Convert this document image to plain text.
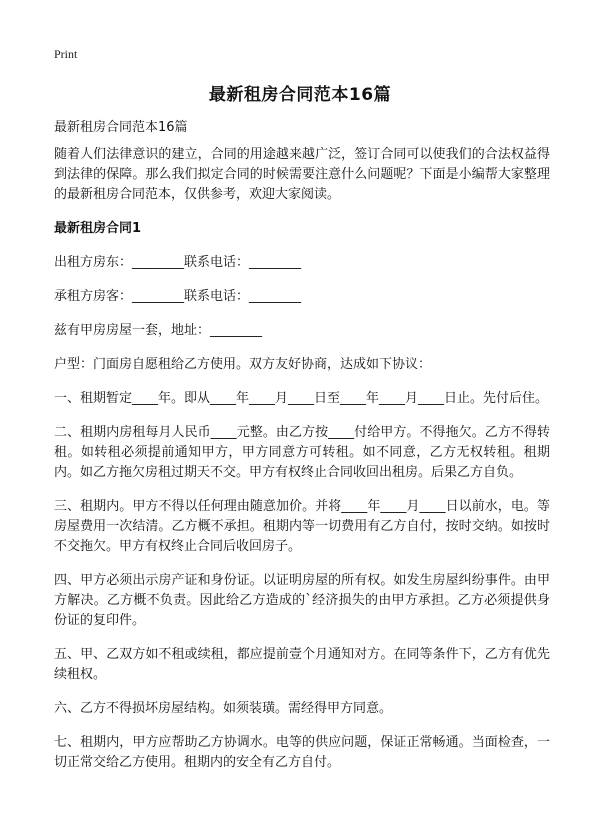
Print
最新租房合同范本16篇

最新租房合同范本16篇

随着人们法律意识的建立，合同的用途越来越广泛，签订合同可以使我们的合法权益得到法律的保障。那么我们拟定合同的时候需要注意什么问题呢？下面是小编帮大家整理的最新租房合同范本，仅供参考，欢迎大家阅读。

最新租房合同1

出租方房东：________联系电话：________

承租方房客：________联系电话：________

兹有甲房房屋一套，地址：________

户型：门面房自愿租给乙方使用。双方友好协商，达成如下协议：

一、租期暂定____年。即从____年____月____日至____年____月____日止。先付后住。

二、租期内房租每月人民币____元整。由乙方按____付给甲方。不得拖欠。乙方不得转租。如转租必须提前通知甲方，甲方同意方可转租。如不同意，乙方无权转租。租期内。如乙方拖欠房租过期天不交。甲方有权终止合同收回出租房。后果乙方自负。

三、租期内。甲方不得以任何理由随意加价。并将____年____月____日以前水，电。等房屋费用一次结清。乙方概不承担。租期内等一切费用有乙方自付，按时交纳。如按时不交拖欠。甲方有权终止合同后收回房子。

四、甲方必须出示房产证和身份证。以证明房屋的所有权。如发生房屋纠纷事件。由甲方解决。乙方概不负责。因此给乙方造成的`经济损失的由甲方承担。乙方必须提供身份证的复印件。

五、甲、乙双方如不租或续租，都应提前壹个月通知对方。在同等条件下，乙方有优先续租权。

六、乙方不得损坏房屋结构。如须装璜。需经得甲方同意。

七、租期内，甲方应帮助乙方协调水。电等的供应问题，保证正常畅通。当面检查，一切正常交给乙方使用。租期内的安全有乙方自付。
